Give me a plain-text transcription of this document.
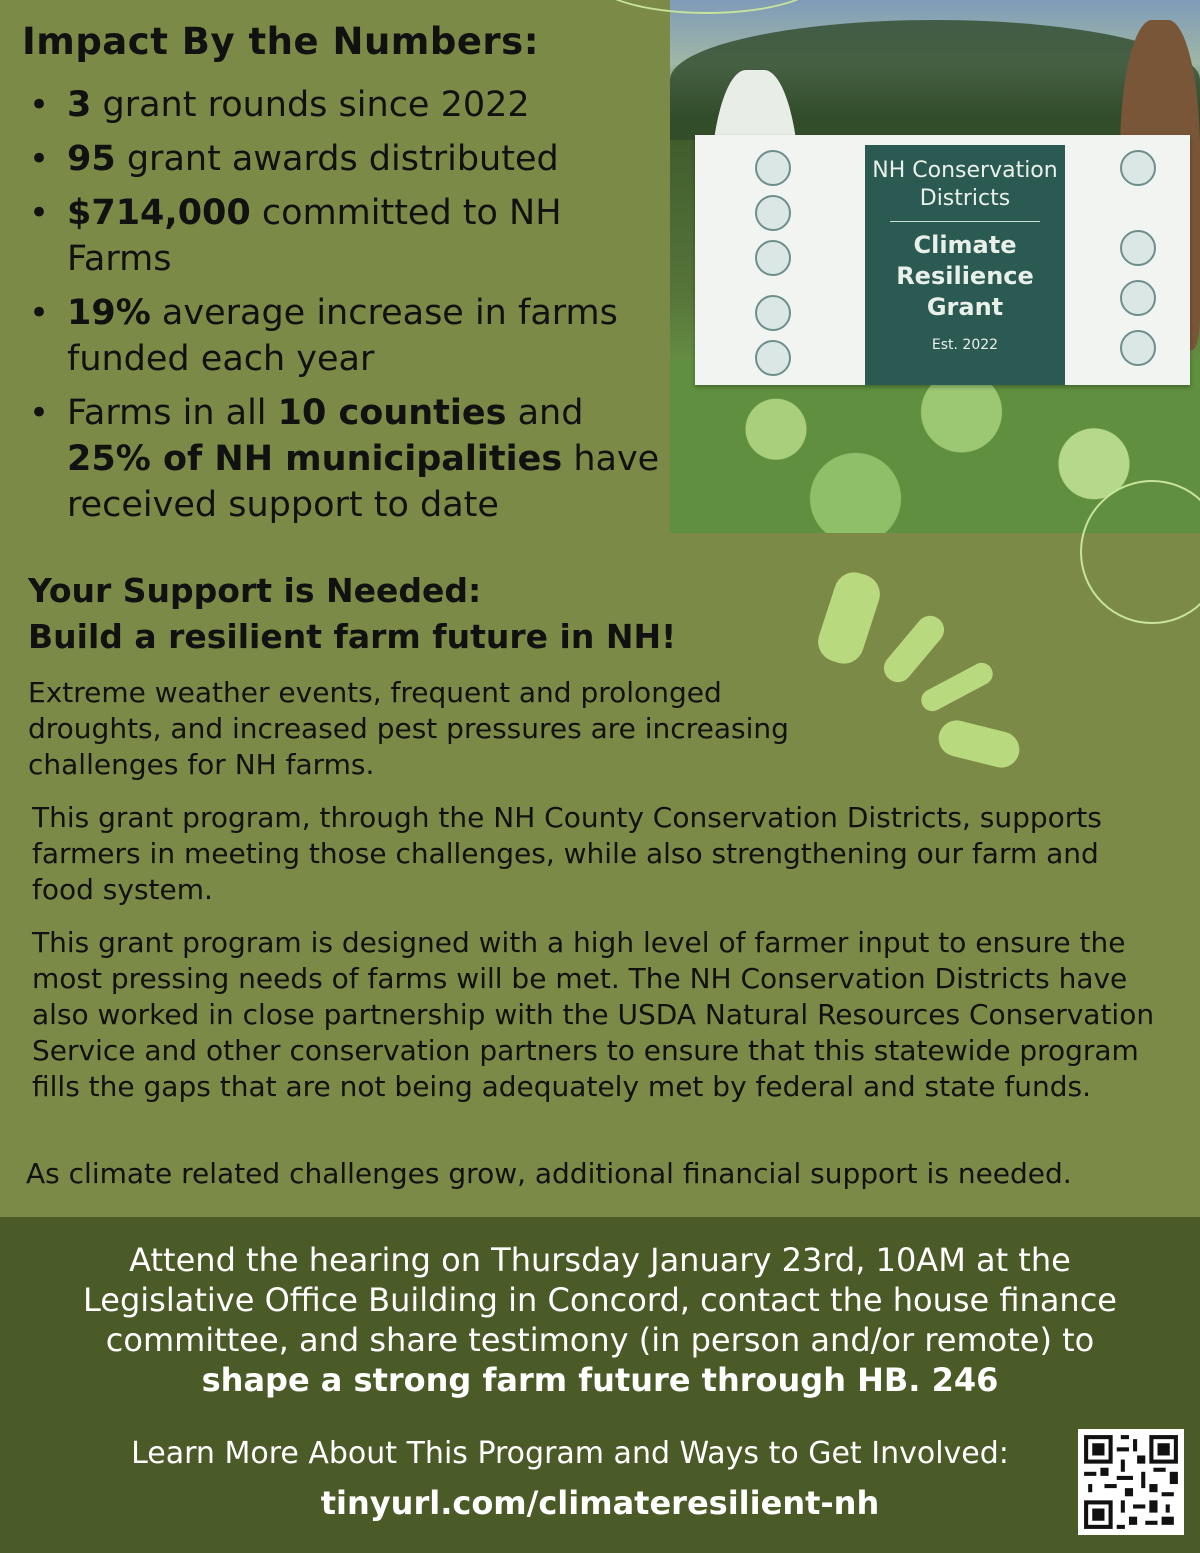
Impact By the Numbers:
• 3 grant rounds since 2022
• 95 grant awards distributed
• $714,000 committed to NH Farms
• 19% average increase in farms funded each year
• Farms in all 10 counties and 25% of NH municipalities have received support to date
NH Conservation Districts
Climate Resilience Grant
Est. 2022
Your Support is Needed:
Build a resilient farm future in NH!

Extreme weather events, frequent and prolonged droughts, and increased pest pressures are increasing challenges for NH farms.

This grant program, through the NH County Conservation Districts, supports farmers in meeting those challenges, while also strengthening our farm and food system.

This grant program is designed with a high level of farmer input to ensure the most pressing needs of farms will be met. The NH Conservation Districts have also worked in close partnership with the USDA Natural Resources Conservation Service and other conservation partners to ensure that this statewide program fills the gaps that are not being adequately met by federal and state funds.

As climate related challenges grow, additional financial support is needed.

Attend the hearing on Thursday January 23rd, 10AM at the Legislative Office Building in Concord, contact the house finance committee, and share testimony (in person and/or remote) to
shape a strong farm future through HB. 246

Learn More About This Program and Ways to Get Involved:

tinyurl.com/climateresilient-nh
